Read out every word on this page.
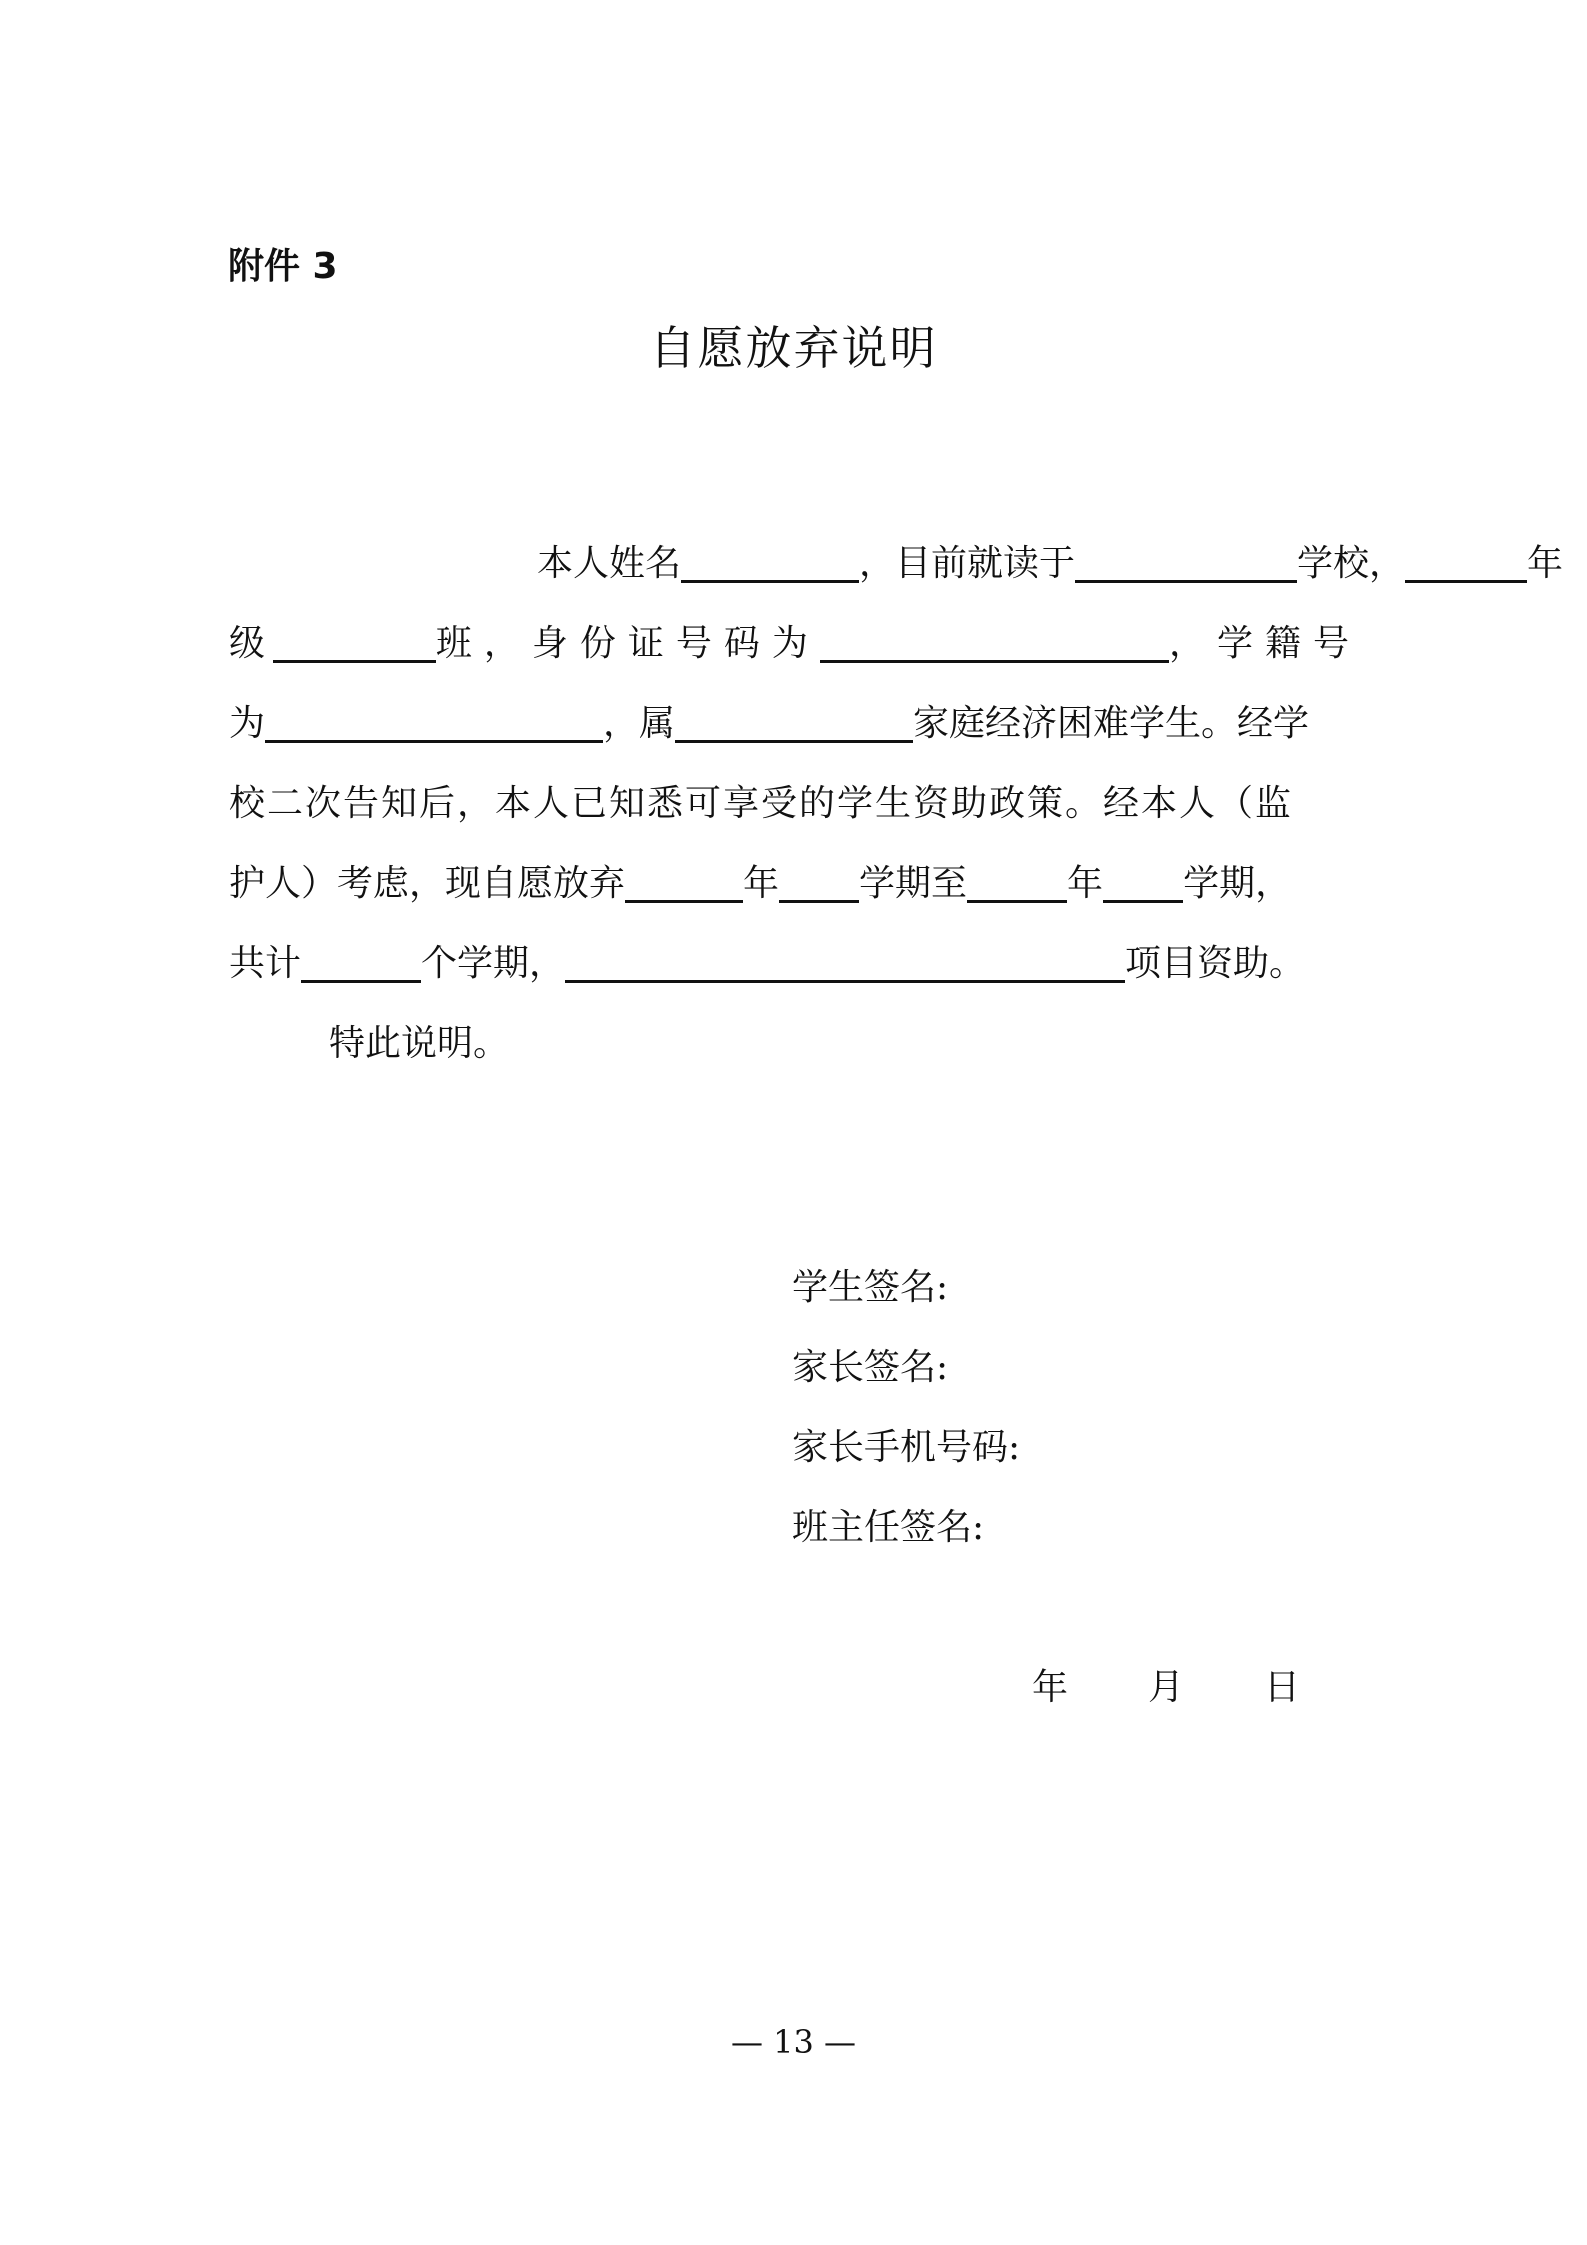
附件 3
自愿放弃说明
本人姓名	，目前就读于	学校，	年
级	班，身份证号码为	，学籍号
为	，属	家庭经济困难学生。经学
校二次告知后，本人已知悉可享受的学生资助政策。经本人（监
护人）考虑，现自愿放弃	年 学期至	年 学期，
共计	个学期，	项目资助。
特此说明。
学生签名:
家长签名:
家长手机号码:
班主任签名:
年 月 日
— 13 —
